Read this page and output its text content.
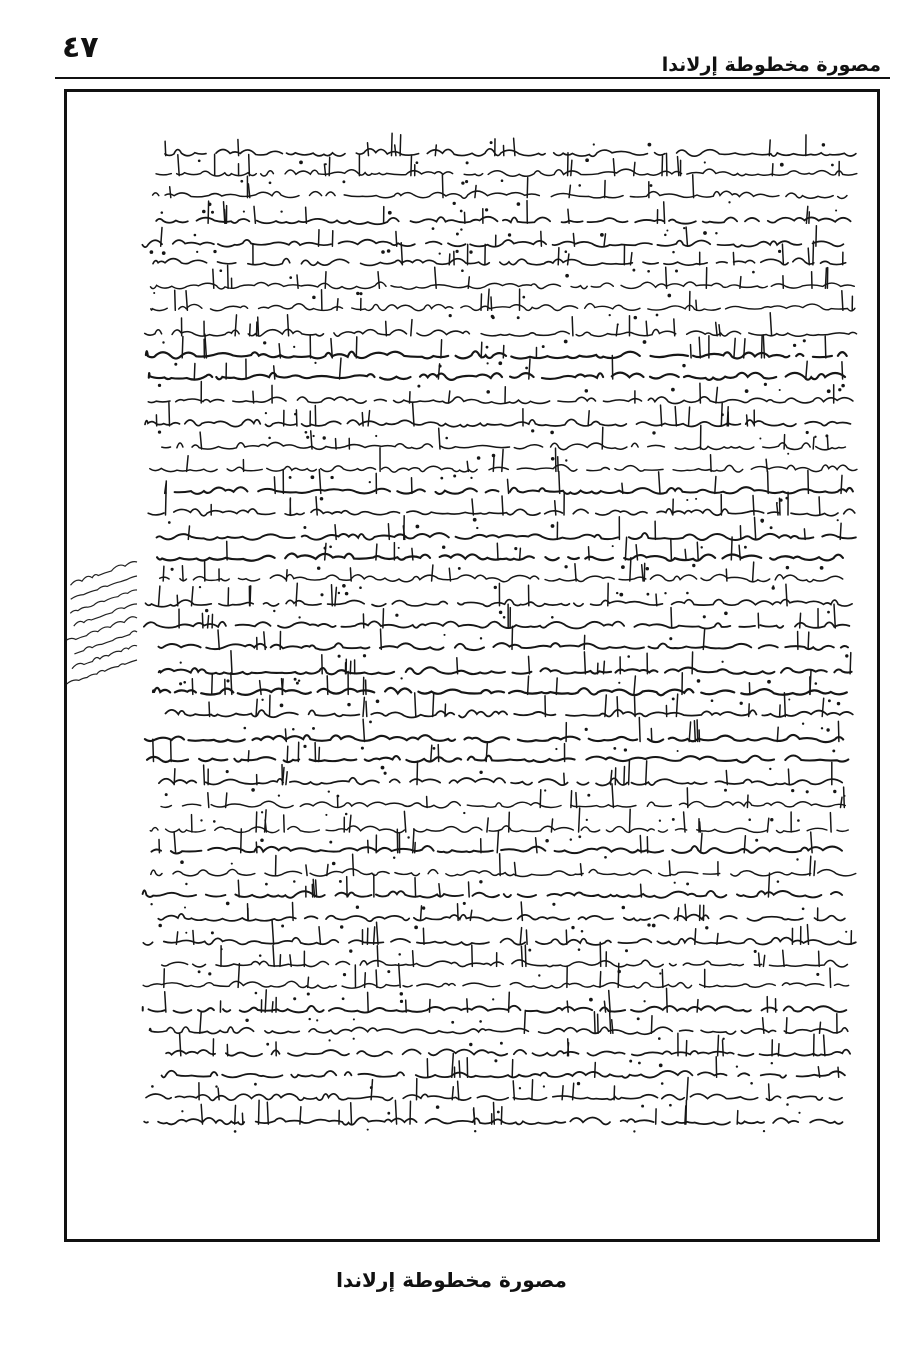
٤٧	مصورة مخطوطة إرلاندا
مصورة مخطوطة إرلاندا
